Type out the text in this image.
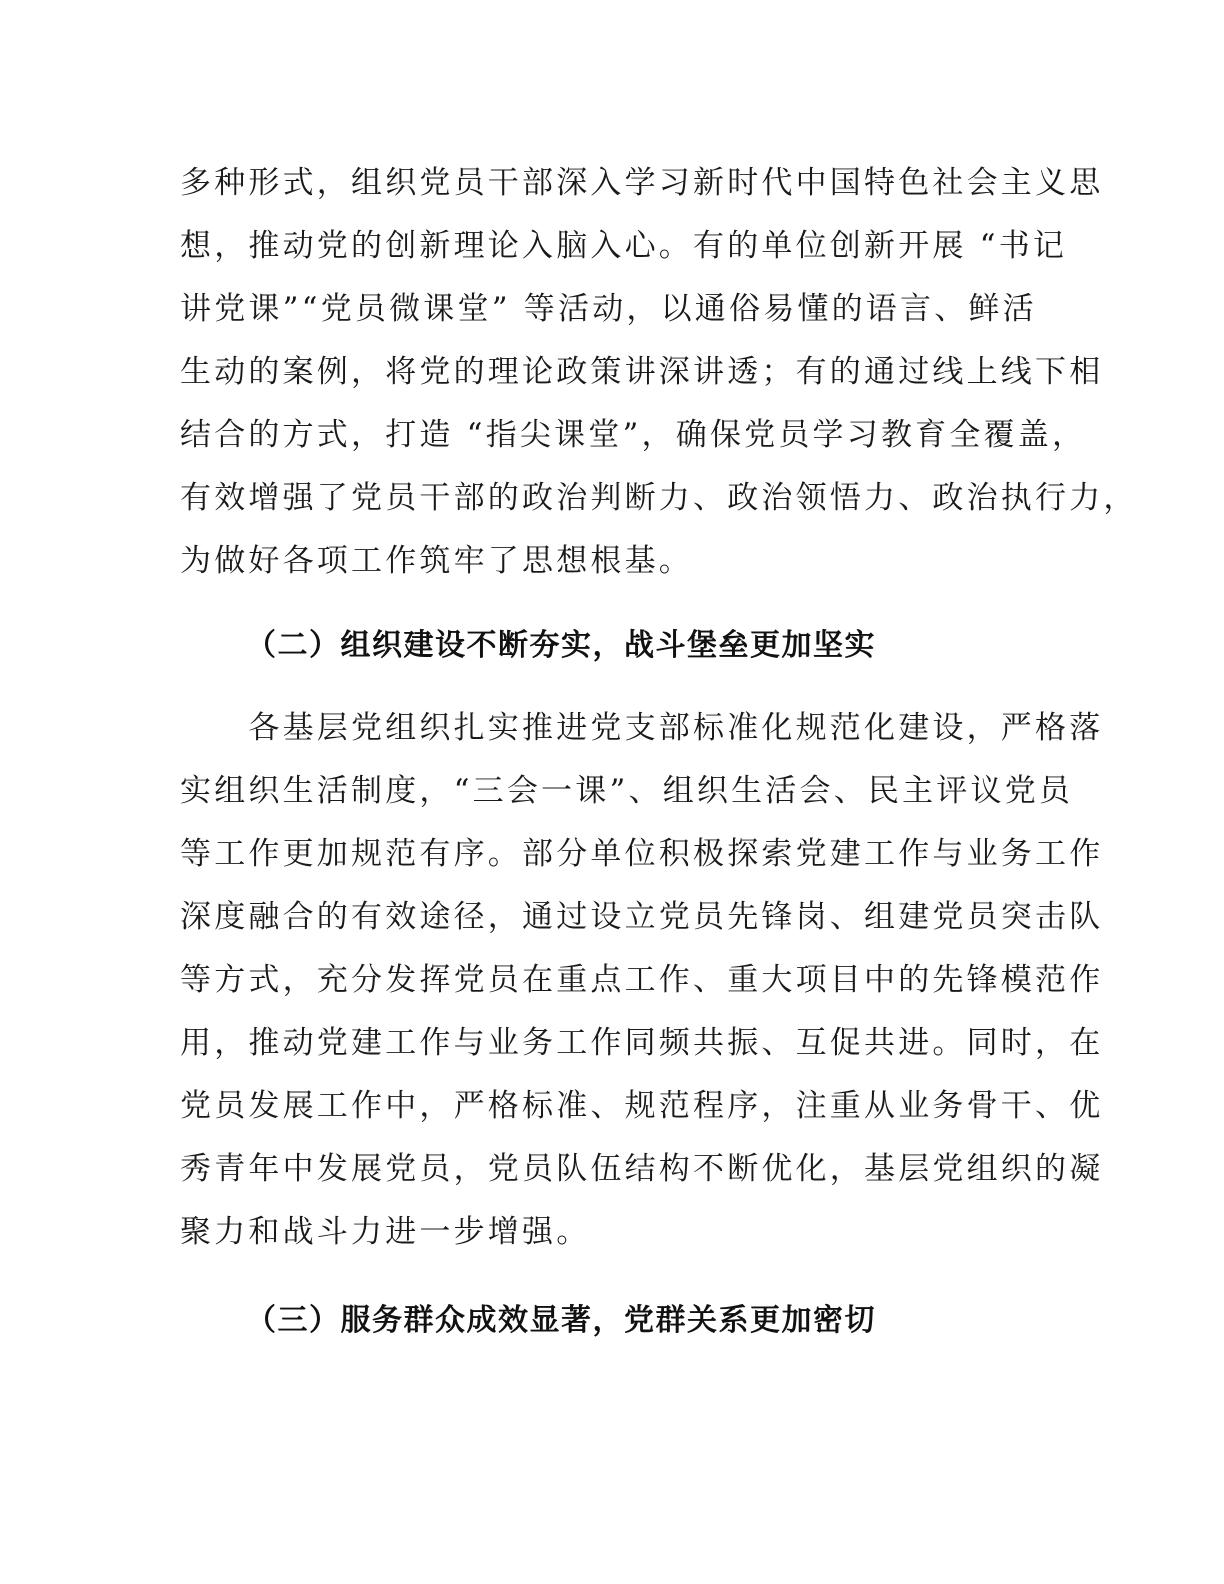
多种形式，组织党员干部深入学习新时代中国特色社会主义思
想，推动党的创新理论入脑入心。有的单位创新开展 “书记
讲党课”“党员微课堂” 等活动，以通俗易懂的语言、鲜活
生动的案例，将党的理论政策讲深讲透；有的通过线上线下相
结合的方式，打造 “指尖课堂”，确保党员学习教育全覆盖，
有效增强了党员干部的政治判断力、政治领悟力、政治执行力，
为做好各项工作筑牢了思想根基。
（二）组织建设不断夯实，战斗堡垒更加坚实
　　各基层党组织扎实推进党支部标准化规范化建设，严格落
实组织生活制度，“三会一课”、组织生活会、民主评议党员
等工作更加规范有序。部分单位积极探索党建工作与业务工作
深度融合的有效途径，通过设立党员先锋岗、组建党员突击队
等方式，充分发挥党员在重点工作、重大项目中的先锋模范作
用，推动党建工作与业务工作同频共振、互促共进。同时，在
党员发展工作中，严格标准、规范程序，注重从业务骨干、优
秀青年中发展党员，党员队伍结构不断优化，基层党组织的凝
聚力和战斗力进一步增强。
（三）服务群众成效显著，党群关系更加密切
